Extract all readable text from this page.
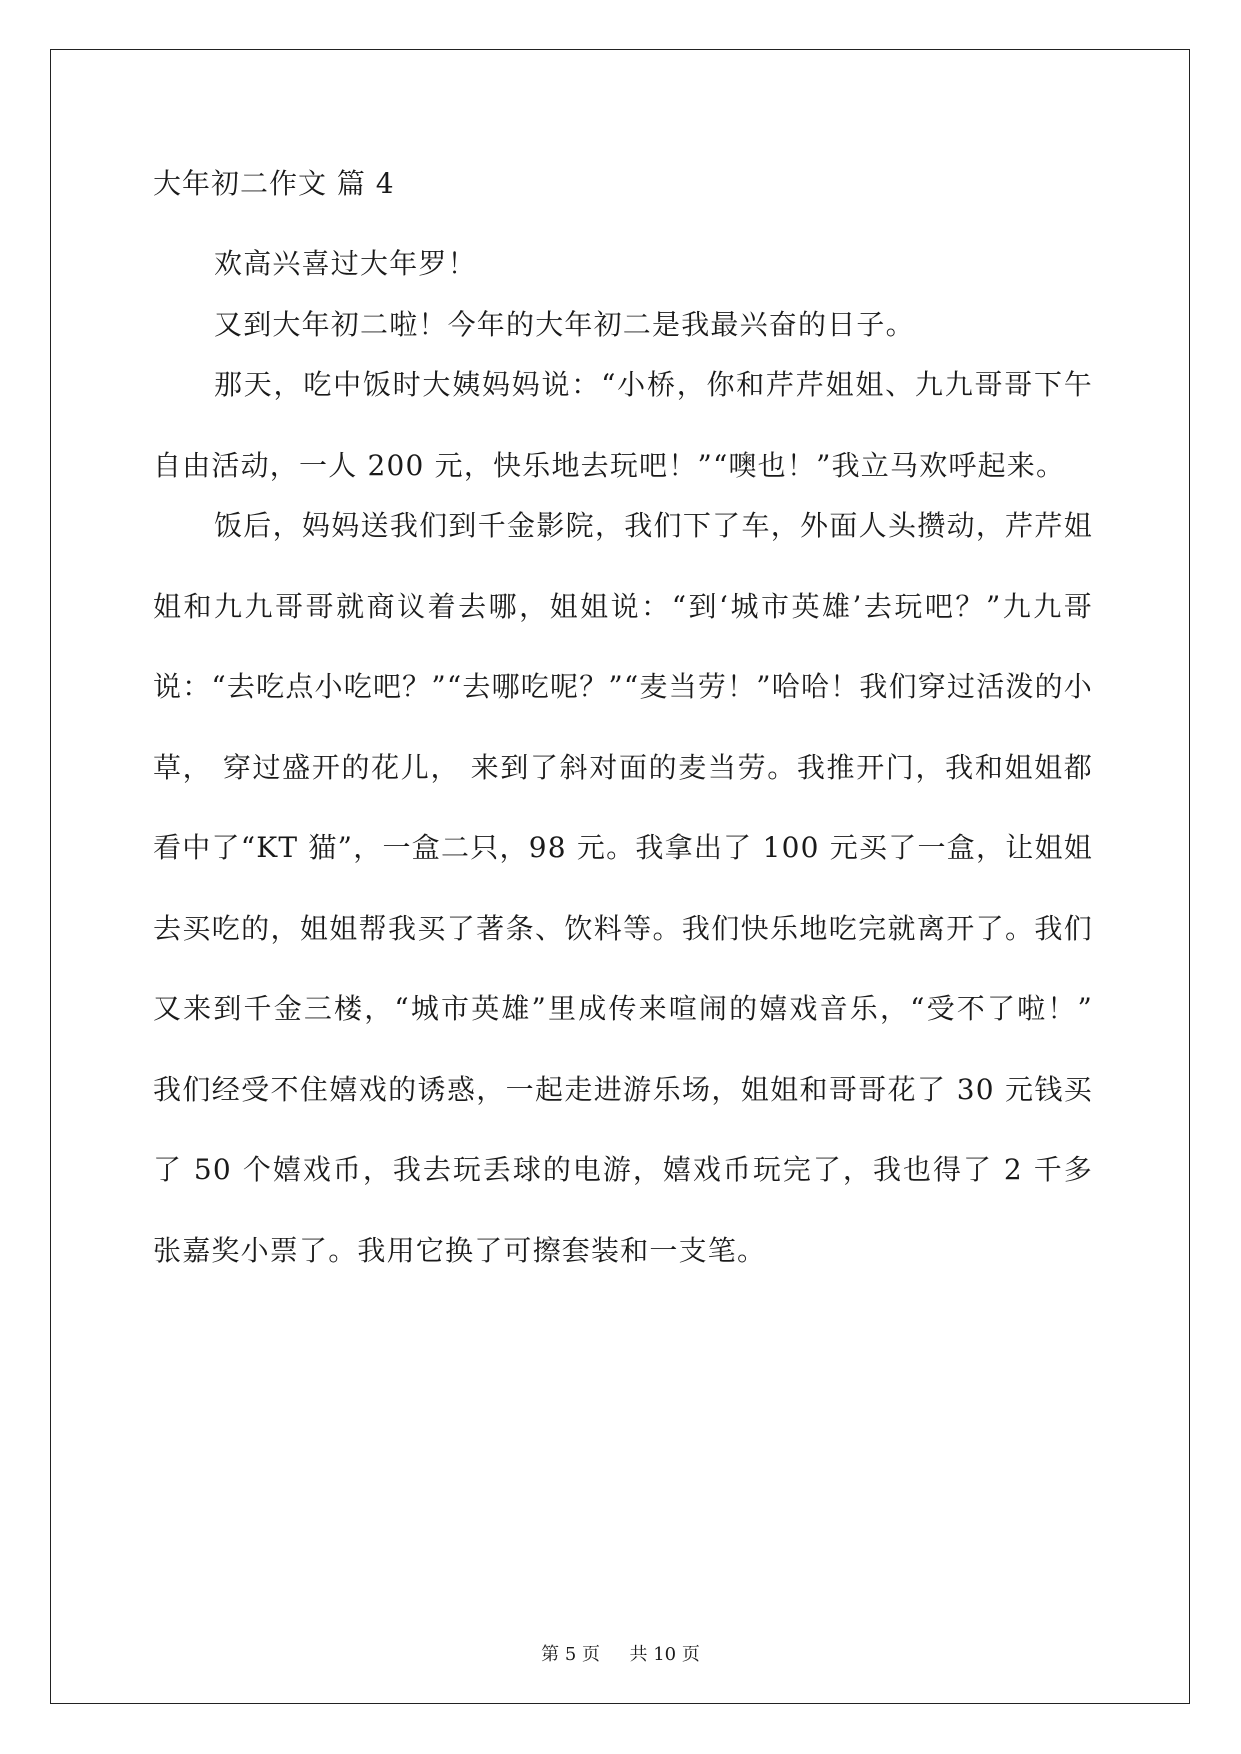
大年初二作文 篇 4

欢高兴喜过大年罗！

又到大年初二啦！今年的大年初二是我最兴奋的日子。

那天，吃中饭时大姨妈妈说：“小桥，你和芹芹姐姐、九九哥哥下午自由活动，一人 200 元，快乐地去玩吧！”“噢也！”我立马欢呼起来。

饭后，妈妈送我们到千金影院，我们下了车，外面人头攒动，芹芹姐姐和九九哥哥就商议着去哪，姐姐说：“到‘城市英雄’去玩吧？”九九哥说：“去吃点小吃吧？”“去哪吃呢？”“麦当劳！”哈哈！我们穿过活泼的小草， 穿过盛开的花儿， 来到了斜对面的麦当劳。我推开门，我和姐姐都看中了“KT 猫”，一盒二只，98 元。我拿出了 100 元买了一盒，让姐姐去买吃的，姐姐帮我买了著条、饮料等。我们快乐地吃完就离开了。我们又来到千金三楼，“城市英雄”里成传来喧闹的嬉戏音乐，“受不了啦！” 我们经受不住嬉戏的诱惑，一起走进游乐场，姐姐和哥哥花了 30 元钱买了 50 个嬉戏币，我去玩丢球的电游，嬉戏币玩完了，我也得了 2 千多张嘉奖小票了。我用它换了可擦套装和一支笔。

第 5 页 共 10 页
